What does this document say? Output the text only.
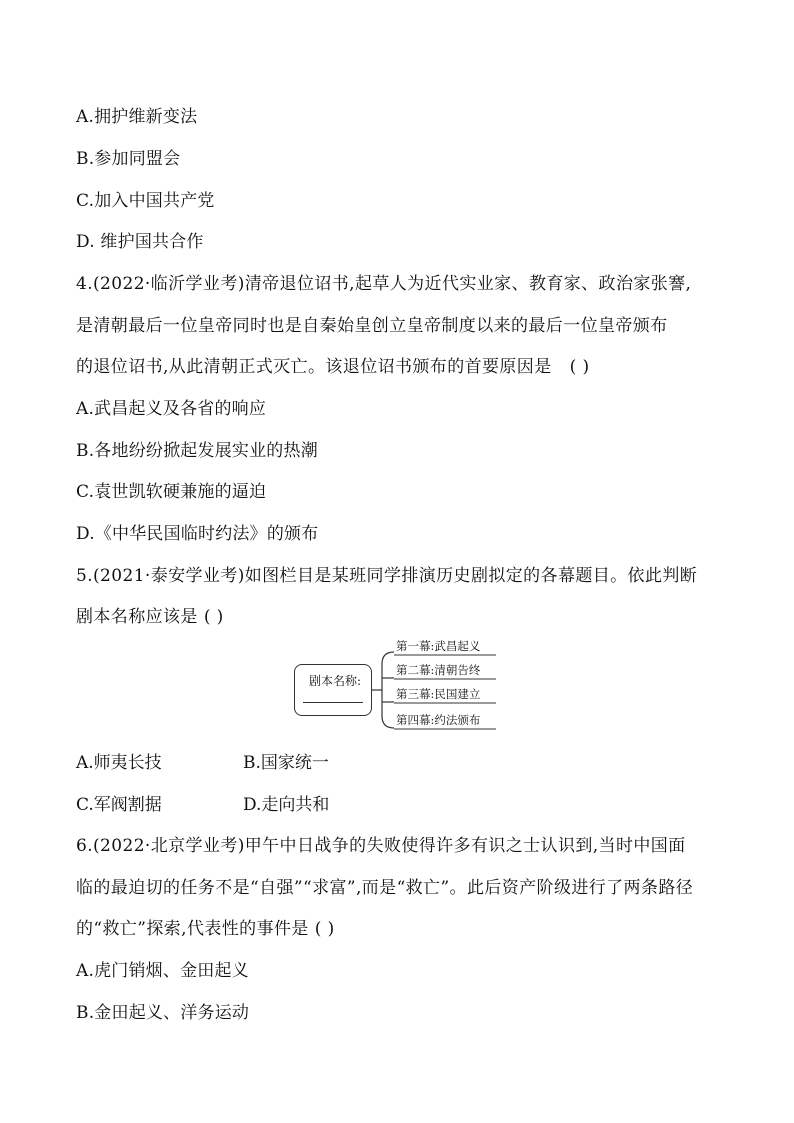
A.拥护维新变法
B.参加同盟会
C.加入中国共产党
D. 维护国共合作
4.(2022·临沂学业考)清帝退位诏书,起草人为近代实业家、教育家、政治家张謇,
是清朝最后一位皇帝同时也是自秦始皇创立皇帝制度以来的最后一位皇帝颁布
的退位诏书,从此清朝正式灭亡。该退位诏书颁布的首要原因是 ( )
A.武昌起义及各省的响应
B.各地纷纷掀起发展实业的热潮
C.袁世凯软硬兼施的逼迫
D.《中华民国临时约法》的颁布
5.(2021·泰安学业考)如图栏目是某班同学排演历史剧拟定的各幕题目。依此判断
剧本名称应该是 ( )
剧本名称:
第一幕:武昌起义
第二幕:清朝告终
第三幕:民国建立
第四幕:约法颁布
A.师夷长技	B.国家统一
C.军阀割据	D.走向共和
6.(2022·北京学业考)甲午中日战争的失败使得许多有识之士认识到,当时中国面
临的最迫切的任务不是“自强”“求富”,而是“救亡”。此后资产阶级进行了两条路径
的“救亡”探索,代表性的事件是 ( )
A.虎门销烟、金田起义
B.金田起义、洋务运动
